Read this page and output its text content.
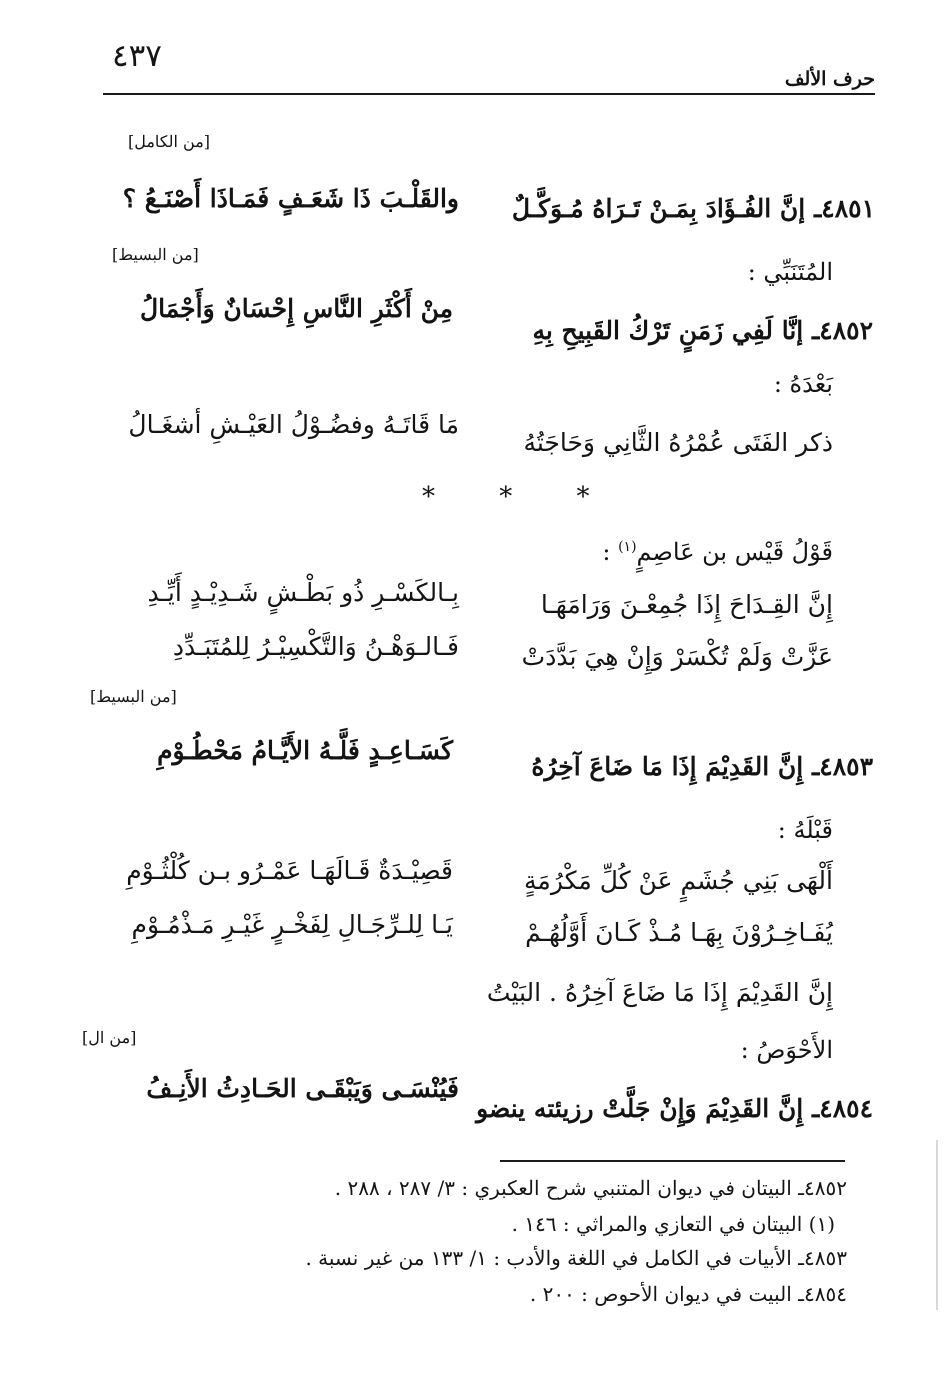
٤٣٧
حرف الألف
[من الكامل]
٤٨٥١ـ إنَّ الفُـؤَادَ بِمَـنْ تَـرَاهُ مُـوَكَّـلٌ
والقَلْـبَ ذَا شَعَـفٍ فَمَـاذَا أَصْنَـعُ ؟
[من البسيط]
المُتَنَبِّي :
٤٨٥٢ـ إنَّا لَفِي زَمَنٍ تَرْكُ القَبِيحِ بِهِ
مِنْ أَكْثَرِ النَّاسِ إِحْسَانٌ وَأَجْمَالُ
بَعْدَهُ :
ذكر الفَتَى عُمْرُهُ الثَّانِي وَحَاجَتُهُ
مَا قَاتَـهُ وفضُـوْلُ العَيْـشِ أشغَـالُ
* * *
قَوْلُ قَيْس بن عَاصِمٍ$^{(١)}$ :
إِنَّ القِـدَاحَ إِذَا جُمِعْـنَ وَرَامَهَـا
بِـالكَسْـرِ ذُو بَطْـشٍ شَـدِيْـدٍ أَيِّـدِ
عَزَّتْ وَلَمْ تُكْسَرْ وَإِنْ هِيَ بَدَّدَتْ
فَـالـوَهْـنُ وَالتَّكْسِيْـرُ لِلمُتَبَـدِّدِ
[من البسيط]
٤٨٥٣ـ إِنَّ القَدِيْمَ إِذَا مَا ضَاعَ آخِرُهُ
كَسَـاعِـدٍ فَلَّـهُ الأَيَّـامُ مَحْطُـوْمِ
قَبْلَهُ :
أَلْهَى بَنِي جُشَمٍ عَنْ كُلِّ مَكْرُمَةٍ
قَصِيْـدَةٌ قَـالَهَـا عَمْـرُو بـن كُلْثُـوْمِ
يُفَـاخِـرُوْنَ بِهَـا مُـذْ كَـانَ أَوَّلُهُـمْ
يَـا لِلـرِّجَـالِ لِفَخْـرٍ غَيْـرِ مَـذْمُـوْمِ
إِنَّ القَدِيْمَ إِذَا مَا ضَاعَ آخِرُهُ . البَيْتُ
[من ال]	الأَحْوَصُ :
٤٨٥٤ـ إِنَّ القَدِيْمَ وَإِنْ جَلَّتْ رزيئته ينضو
فَيُنْسَـى وَيَبْقَـى الحَـادِثُ الأَنِـفُ
٤٨٥٢ـ البيتان في ديوان المتنبي شرح العكبري : ٣/ ٢٨٧ ، ٢٨٨ .
(١) البيتان في التعازي والمراثي : ١٤٦ .
٤٨٥٣ـ الأبيات في الكامل في اللغة والأدب : ١/ ١٣٣ من غير نسبة .
٤٨٥٤ـ البيت في ديوان الأحوص : ٢٠٠ .
